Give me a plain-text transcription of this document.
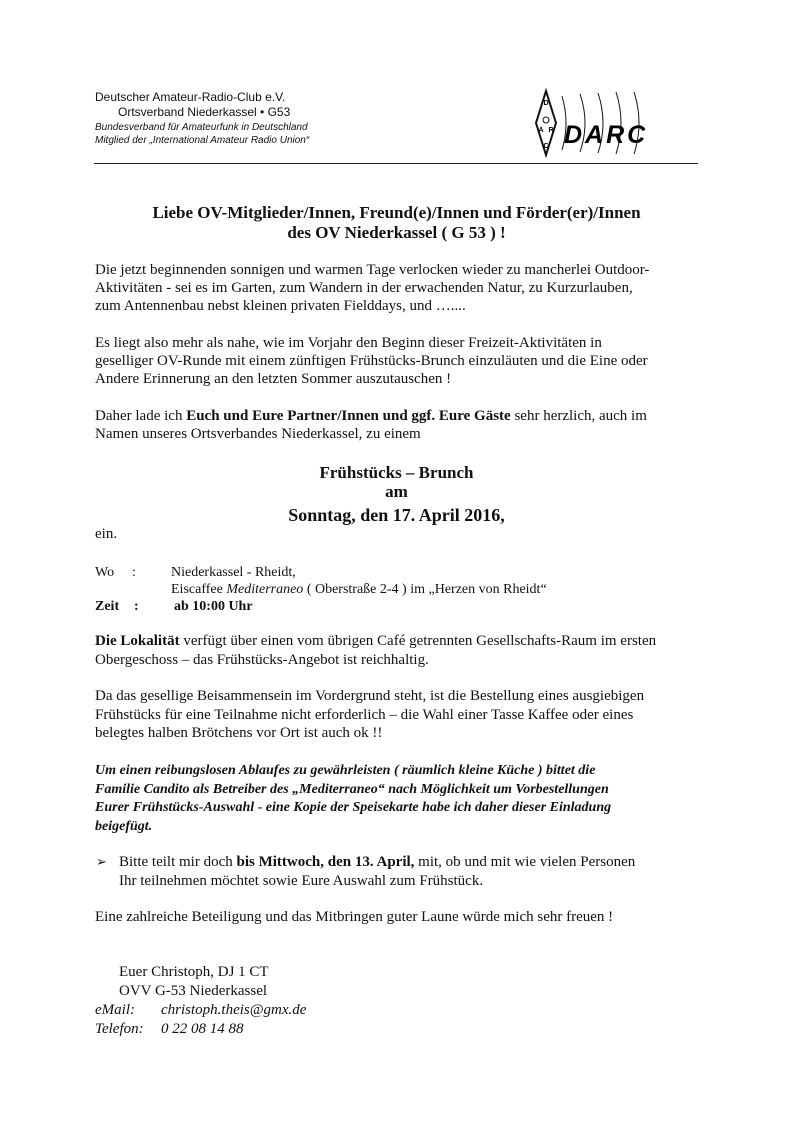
Deutscher Amateur-Radio-Club e.V.
Ortsverband Niederkassel • G53
Bundesverband für Amateurfunk in Deutschland
Mitglied der „International Amateur Radio Union“
D
A R
C DARC
Liebe OV-Mitglieder/Innen, Freund(e)/Innen und Förder(er)/Innen
des OV Niederkassel ( G 53 ) !
Die jetzt beginnenden sonnigen und warmen Tage verlocken wieder zu mancherlei Outdoor-
Aktivitäten - sei es im Garten, zum Wandern in der erwachenden Natur, zu Kurzurlauben,
zum Antennenbau nebst kleinen privaten Fielddays, und …....
Es liegt also mehr als nahe, wie im Vorjahr den Beginn dieser Freizeit-Aktivitäten in
geselliger OV-Runde mit einem zünftigen Frühstücks-Brunch einzuläuten und die Eine oder
Andere Erinnerung an den letzten Sommer auszutauschen !
Daher lade ich Euch und Eure Partner/Innen und ggf. Eure Gäste sehr herzlich, auch im
Namen unseres Ortsverbandes Niederkassel, zu einem
Frühstücks – Brunch
am
Sonntag, den 17. April 2016,
ein.
Wo :	Niederkassel - Rheidt,
Eiscaffee Mediterraneo ( Oberstraße 2-4 ) im „Herzen von Rheidt“
Zeit :	ab 10:00 Uhr
Die Lokalität verfügt über einen vom übrigen Café getrennten Gesellschafts-Raum im ersten
Obergeschoss – das Frühstücks-Angebot ist reichhaltig.
Da das gesellige Beisammensein im Vordergrund steht, ist die Bestellung eines ausgiebigen
Frühstücks für eine Teilnahme nicht erforderlich – die Wahl einer Tasse Kaffee oder eines
belegtes halben Brötchens vor Ort ist auch ok !!
Um einen reibungslosen Ablaufes zu gewährleisten ( räumlich kleine Küche ) bittet die
Familie Candito als Betreiber des „Mediterraneo“ nach Möglichkeit um Vorbestellungen
Eurer Frühstücks-Auswahl - eine Kopie der Speisekarte habe ich daher dieser Einladung
beigefügt.
➢ Bitte teilt mir doch bis Mittwoch, den 13. April, mit, ob und mit wie vielen Personen
Ihr teilnehmen möchtet sowie Eure Auswahl zum Frühstück.
Eine zahlreiche Beteiligung und das Mitbringen guter Laune würde mich sehr freuen !
Euer Christoph, DJ 1 CT
OVV G-53 Niederkassel
eMail: christoph.theis@gmx.de
Telefon: 0 22 08 14 88
